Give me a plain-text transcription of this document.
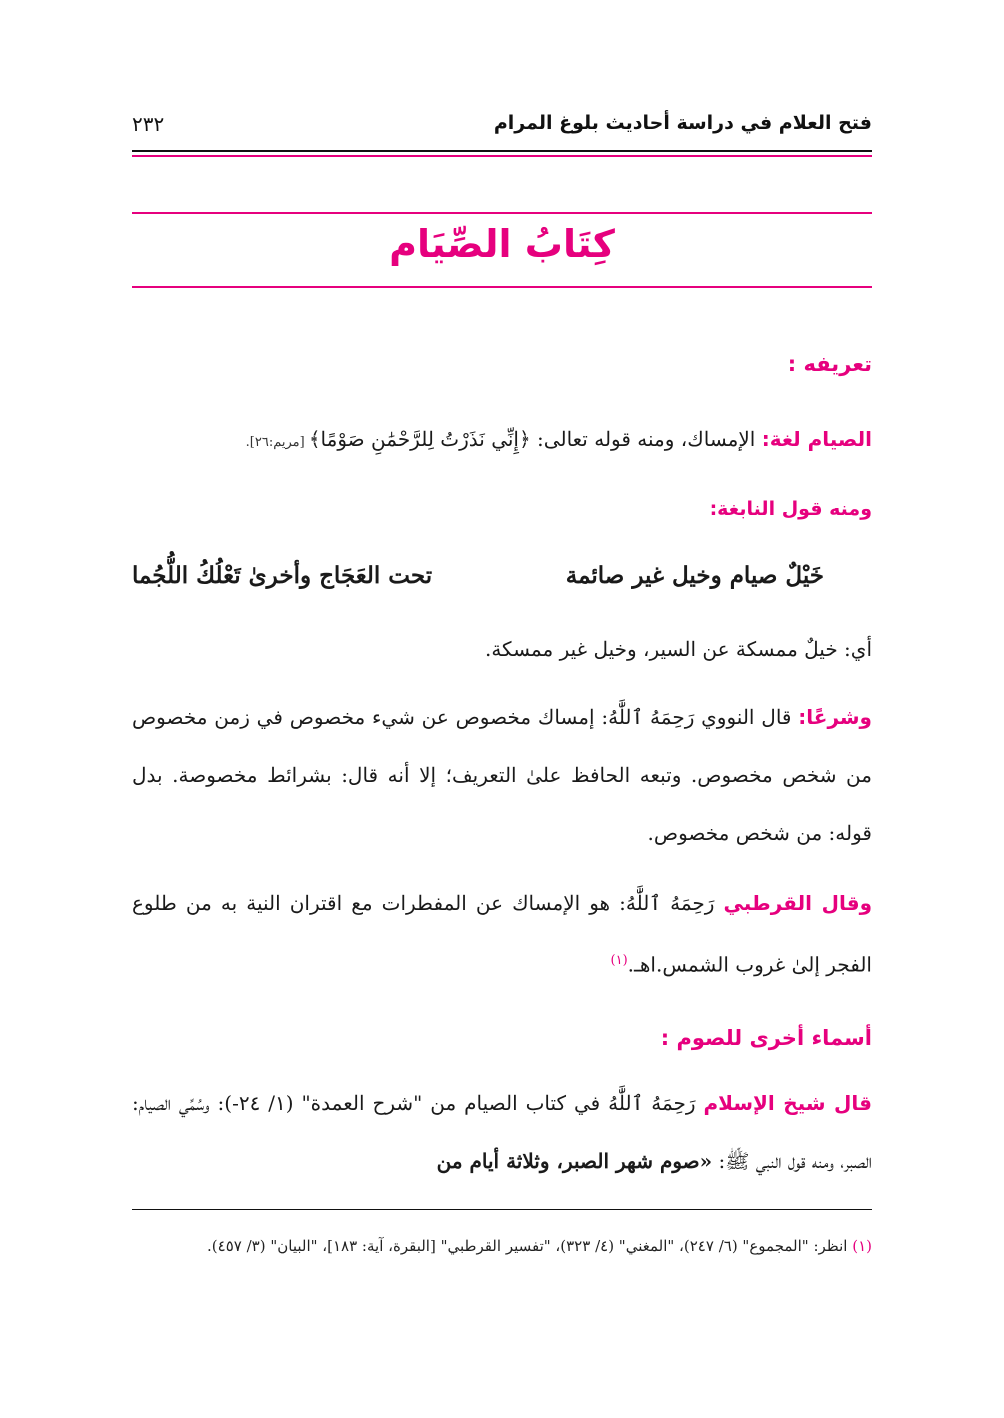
فتح العلام في دراسة أحاديث بلوغ المرام
٢٣٢
كِتَابُ الصِّيَام
تعريفه :
الصيام لغة: الإمساك، ومنه قوله تعالى: ﴿إِنِّي نَذَرْتُ لِلرَّحْمَٰنِ صَوْمًا﴾ [مريم:٢٦].
ومنه قول النابغة:
خَيْلٌ صيام وخيل غير صائمة
تحت العَجَاج وأخرىٰ تَعْلُكُ اللُّجُما
أي: خيلٌ ممسكة عن السير، وخيل غير ممسكة.
وشرعًا: قال النووي رَحِمَهُ ٱللَّٰهُ: إمساك مخصوص عن شيء مخصوص في زمن مخصوص من شخص مخصوص. وتبعه الحافظ علىٰ التعريف؛ إلا أنه قال: بشرائط مخصوصة. بدل قوله: من شخص مخصوص.
وقال القرطبي رَحِمَهُ ٱللَّٰهُ: هو الإمساك عن المفطرات مع اقتران النية به من طلوع الفجر إلىٰ غروب الشمس.اهـ.$^{(١)}$
أسماء أخرى للصوم :
قال شيخ الإسلام رَحِمَهُ ٱللَّٰهُ في كتاب الصيام من "شرح العمدة" (١/ ٢٤-): وسُمِّي الصيام: الصبر، ومنه قول النبي ﷺ: «صوم شهر الصبر، وثلاثة أيام من
(١) انظر: "المجموع" (٦/ ٢٤٧)، "المغني" (٤/ ٣٢٣)، "تفسير القرطبي" [البقرة، آية: ١٨٣]، "البيان" (٣/ ٤٥٧).
